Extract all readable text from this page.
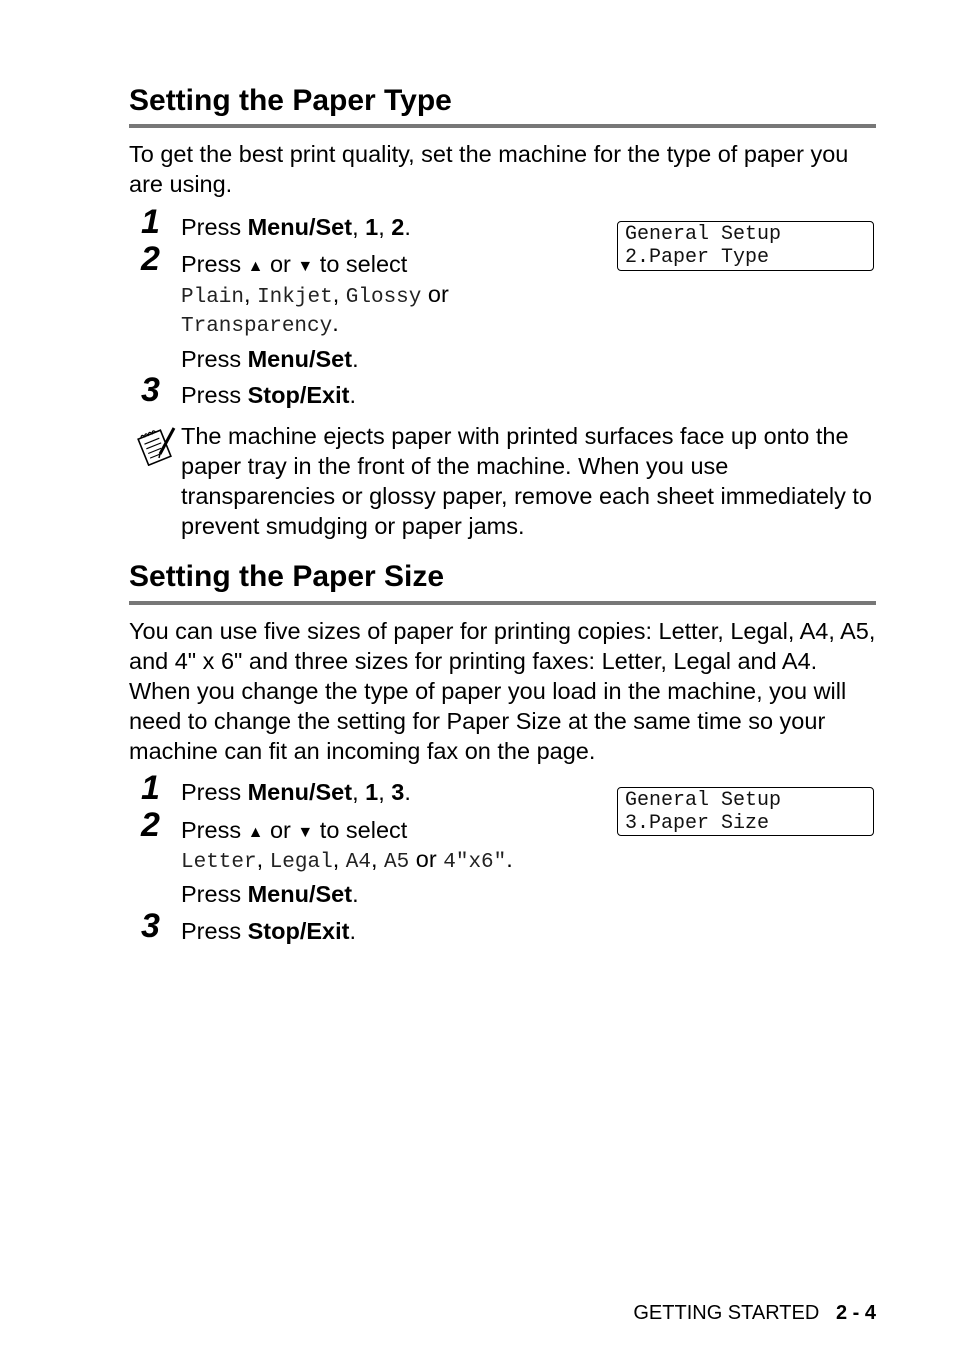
Setting the Paper Type
To get the best print quality, set the machine for the type of paper you are using.
1 Press Menu/Set, 1, 2.	General Setup
2.Paper Type
2 Press ▲ or ▼ to select
Plain, Inkjet, Glossy or
Transparency.
Press Menu/Set.
3 Press Stop/Exit.
The machine ejects paper with printed surfaces face up onto the paper tray in the front of the machine. When you use transparencies or glossy paper, remove each sheet immediately to prevent smudging or paper jams.
Setting the Paper Size
You can use five sizes of paper for printing copies: Letter, Legal, A4, A5, and 4" x 6" and three sizes for printing faxes: Letter, Legal and A4. When you change the type of paper you load in the machine, you will need to change the setting for Paper Size at the same time so your machine can fit an incoming fax on the page.
1 Press Menu/Set, 1, 3.	General Setup
3.Paper Size
2 Press ▲ or ▼ to select
Letter, Legal, A4, A5 or 4"x6".
Press Menu/Set.
3 Press Stop/Exit.
GETTING STARTED 2 - 4
